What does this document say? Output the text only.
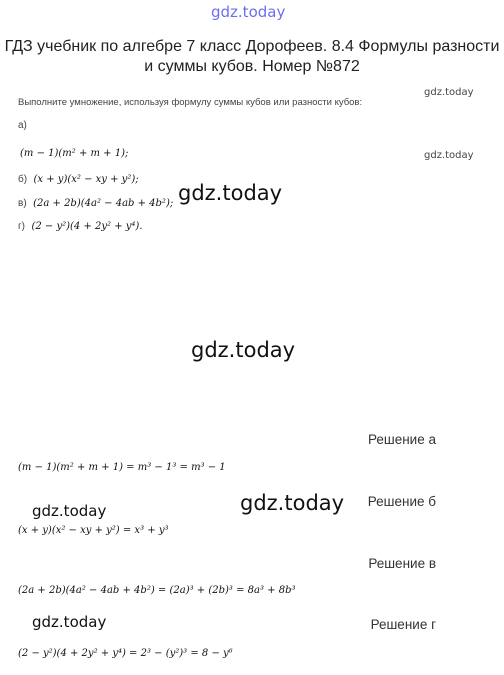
gdz.today
gdz.today
gdz.today
gdz.today
gdz.today
gdz.today
gdz.today
gdz.today
ГДЗ учебник по алгебре 7 класс Дорофеев. 8.4 Формулы разности и суммы кубов. Номер №872
Выполните умножение, используя формулу суммы кубов или разности кубов:
а)
(m − 1)(m² + m + 1);
б) (x + y)(x² − xy + y²);
в) (2a + 2b)(4a² − 4ab + 4b²);
г) (2 − y²)(4 + 2y² + y⁴).
Решение а
(m − 1)(m² + m + 1) = m³ − 1³ = m³ − 1
Решение б
(x + y)(x² − xy + y²) = x³ + y³
Решение в
(2a + 2b)(4a² − 4ab + 4b²) = (2a)³ + (2b)³ = 8a³ + 8b³
Решение г
(2 − y²)(4 + 2y² + y⁴) = 2³ − (y²)³ = 8 − y⁶
